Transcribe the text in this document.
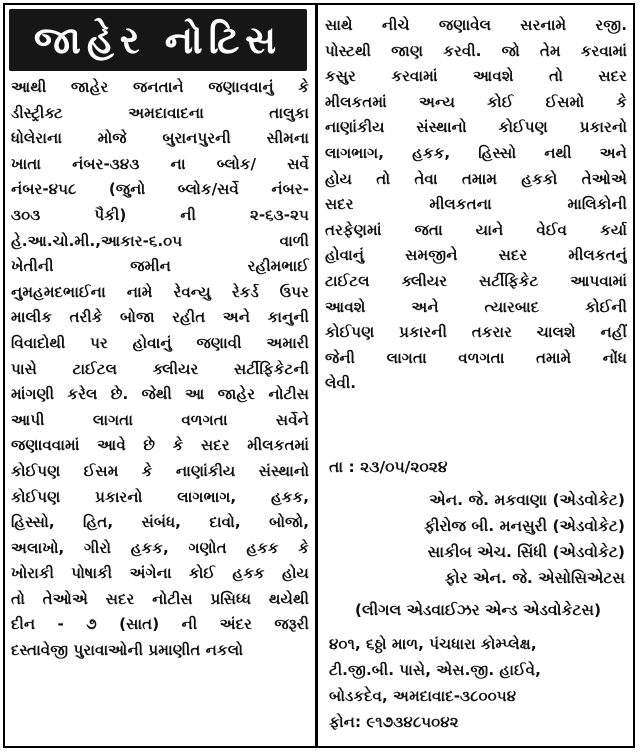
જાહેર નોટિસ
આથી જાહેર જનતાને જણાવવાનું કે
ડીસ્ટ્રીક્ટ અમદાવાદના તાલુકા
ધોલેરાના મોજે બુરાનપુરની સીમના
ખાતા નંબર-૩૪૩ ના બ્લોક/ સર્વે
નંબર-૪૫૮ (જુનો બ્લોક/સર્વે નંબર-
૩૦૩ પૈકી) ની ૨-૬૩-૨૫
હે.આ.ચો.મી.,આકાર-૬.૦૫ વાળી
ખેતીની જમીન રહીમભાઈ
નુમહમદભાઈના નામે રેવન્યુ રેકર્ડ ઉપર
માલીક તરીકે બોજા રહીત અને કાનુની
વિવાદોથી પર હોવાનું જણાવી અમારી
પાસે ટાઈટલ ક્લીયર સર્ટીફિકેટની
માંગણી કરેલ છે. જેથી આ જાહેર નોટીસ
આપી લાગતા વળગતા સર્વેને
જણાવવામાં આવે છે કે સદર મીલકતમાં
કોઈપણ ઈસમ કે નાણાંકીય સંસ્થાનો
કોઈપણ પ્રકારનો લાગભાગ, હકક,
હિસ્સો, હિત, સંબંધ, દાવો, બોજો,
અલાખો, ગીરો હકક, ગણોત હકક કે
ખોરાકી પોષાકી અંગેના કોઈ હકક હોય
તો તેઓએ સદર નોટીસ પ્રસિધ્ધ થયેથી
દીન - ૭ (સાત) ની અંદર જરૂરી
દસ્તાવેજી પુરાવાઓની પ્રમાણીત નકલો
સાથે નીચે જણાવેલ સરનામે રજી.
પોસ્ટથી જાણ કરવી. જો તેમ કરવામાં
કસુર કરવામાં આવશે તો સદર
મીલકતમાં અન્ય કોઈ ઈસમો કે
નાણાંકીય સંસ્થાનો કોઈપણ પ્રકારનો
લાગભાગ, હકક, હિસ્સો નથી અને
હોય તો તેવા તમામ હકકો તેઓએ
સદર મીલકતના માલિકોની
તરફેણમાં જતા યાને વેઈવ કર્યા
હોવાનું સમજીને સદર મીલકતનું
ટાઈટલ ક્લીયર સર્ટીફિકેટ આપવામાં
આવશે અને ત્યારબાદ કોઈની
કોઈપણ પ્રકારની તકરાર ચાલશે નહીં
જેની લાગતા વળગતા તમામે નોંધ
લેવી.
તા : ૨૩/૦૫/૨૦૨૪
એન. જે. મકવાણા (એડવોકેટ)
ફીરોજ બી. મનસુરી (એડવોકેટ)
સાકીબ એચ. સિંધી (એડવોકેટ)
ફોર એન. જે. એસોસિએટસ
(લીગલ એડવાઈઝર એન્ડ એડવોકેટસ)
૪૦૧, ૬ઠ્ઠો માળ, પંચધારા કોમ્પ્લેક્ષ,
ટી.જી.બી. પાસે, એસ.જી. હાઈવે,
બોડકદેવ, અમદાવાદ-૩૮૦૦૫૪
ફોન: ૯૧૭૩૪૮૫૦૪૨
